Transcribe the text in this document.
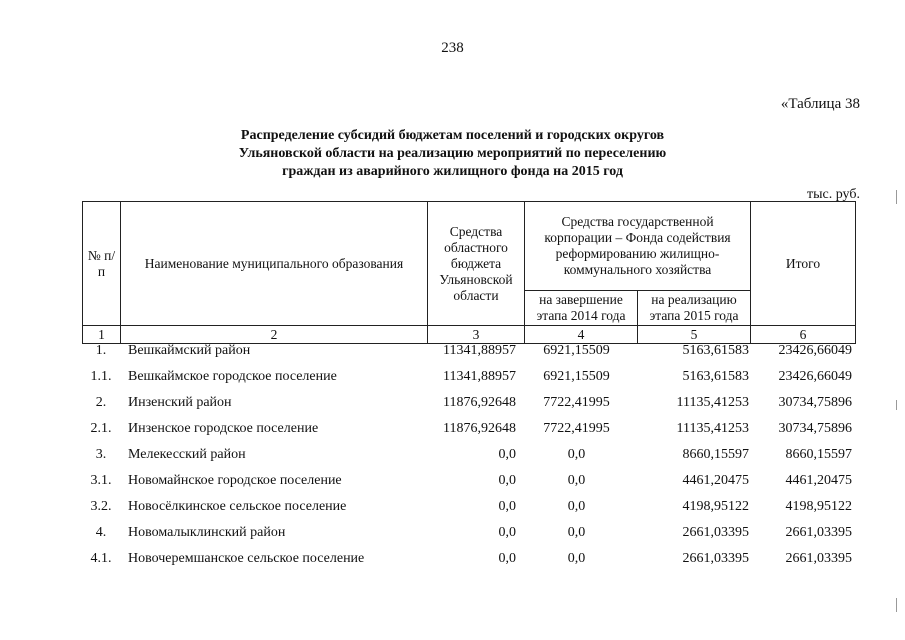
238
«Таблица 38
Распределение субсидий бюджетам поселений и городских округов
Ульяновской области на реализацию мероприятий по переселению
граждан из аварийного жилищного фонда на 2015 год
тыс. руб.
№ п/п	Наименование муниципального образования	Средства областного бюджета Ульяновской области	Средства государственной корпорации – Фонда содействия реформированию жилищно-коммунального хозяйства		Итого
			на завершение этапа 2014 года	на реализацию этапа 2015 года	
1	2	3	4	5	6
1.	Вешкаймский район	11341,88957	6921,15509	5163,61583	23426,66049
1.1.	Вешкаймское городское поселение	11341,88957	6921,15509	5163,61583	23426,66049
2.	Инзенский район	11876,92648	7722,41995	11135,41253	30734,75896
2.1.	Инзенское городское поселение	11876,92648	7722,41995	11135,41253	30734,75896
3.	Мелекесский район	0,0	0,0	8660,15597	8660,15597
3.1.	Новомайнское городское поселение	0,0	0,0	4461,20475	4461,20475
3.2.	Новосёлкинское сельское поселение	0,0	0,0	4198,95122	4198,95122
4.	Новомалыклинский район	0,0	0,0	2661,03395	2661,03395
4.1.	Новочеремшанское сельское поселение	0,0	0,0	2661,03395	2661,03395
